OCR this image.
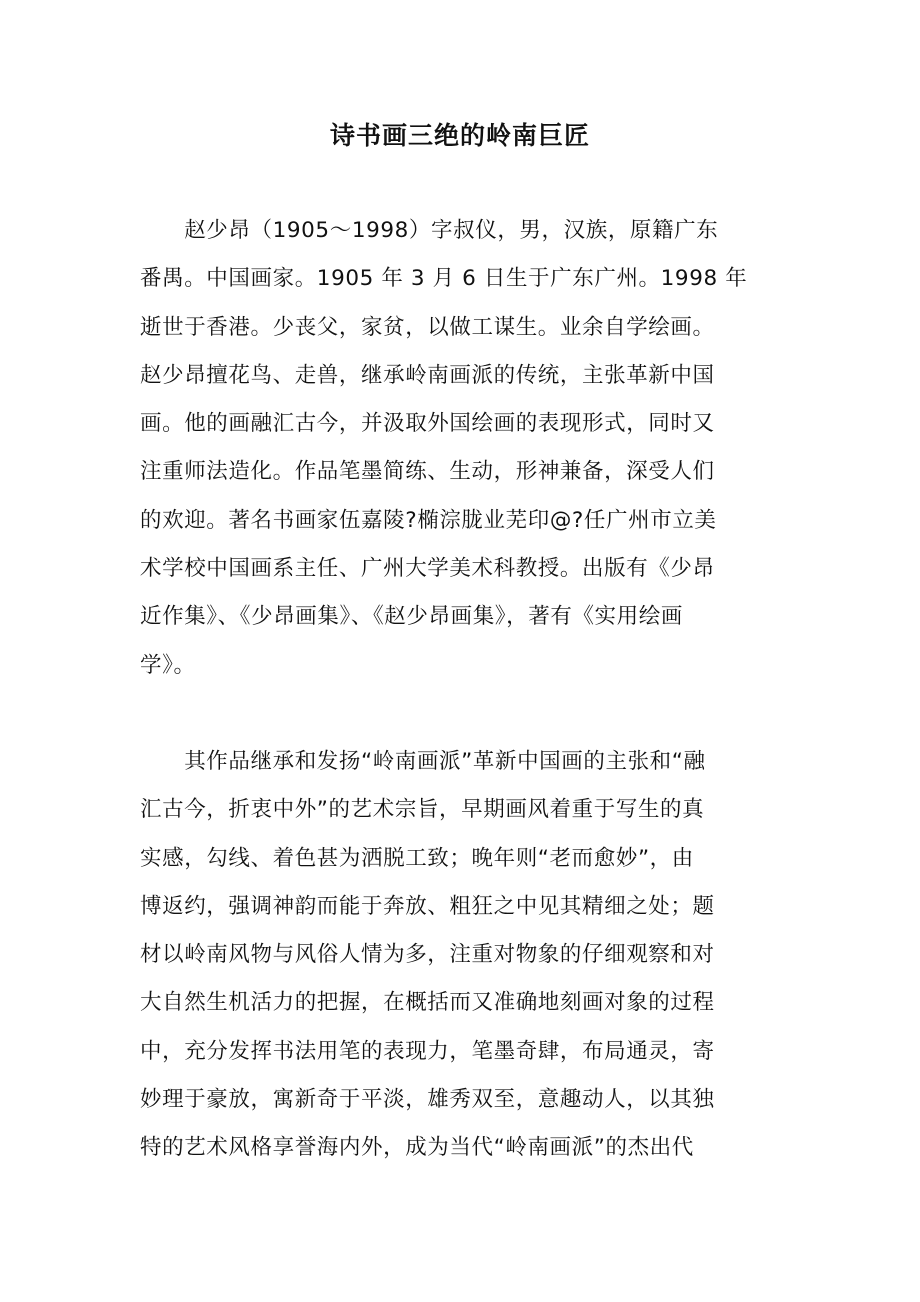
诗书画三绝的岭南巨匠
　　赵少昂（1905～1998）字叔仪，男，汉族，原籍广东
番禺。中国画家。1905 年 3 月 6 日生于广东广州。1998 年
逝世于香港。少丧父，家贫，以做工谋生。业余自学绘画。
赵少昂擅花鸟、走兽，继承岭南画派的传统，主张革新中国
画。他的画融汇古今，并汲取外国绘画的表现形式，同时又
注重师法造化。作品笔墨简练、生动，形神兼备，深受人们
的欢迎。著名书画家伍嘉陵?椭淙胧业芜印@?任广州市立美
术学校中国画系主任、广州大学美术科教授。出版有《少昂
近作集》、《少昂画集》、《赵少昂画集》，著有《实用绘画
学》。
　　其作品继承和发扬“岭南画派”革新中国画的主张和“融
汇古今，折衷中外”的艺术宗旨，早期画风着重于写生的真
实感，勾线、着色甚为洒脱工致；晚年则“老而愈妙”，由
博返约，强调神韵而能于奔放、粗狂之中见其精细之处；题
材以岭南风物与风俗人情为多，注重对物象的仔细观察和对
大自然生机活力的把握，在概括而又准确地刻画对象的过程
中，充分发挥书法用笔的表现力，笔墨奇肆，布局通灵，寄
妙理于豪放，寓新奇于平淡，雄秀双至，意趣动人，以其独
特的艺术风格享誉海内外，成为当代“岭南画派”的杰出代
